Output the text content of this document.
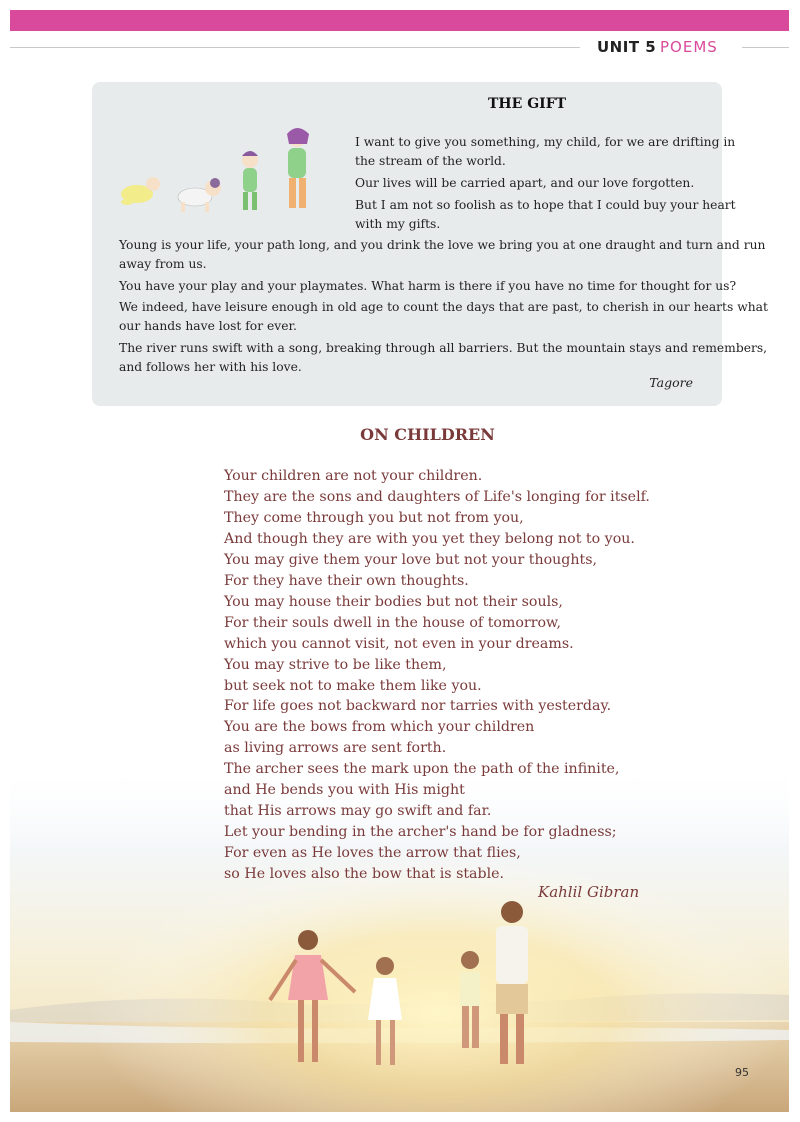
UNIT 5 POEMS
THE GIFT
I want to give you something, my child, for we are drifting in
the stream of the world.
Our lives will be carried apart, and our love forgotten.
But I am not so foolish as to hope that I could buy your heart
with my gifts.
Young is your life, your path long, and you drink the love we bring you at one draught and turn and run
away from us.
You have your play and your playmates. What harm is there if you have no time for thought for us?
We indeed, have leisure enough in old age to count the days that are past, to cherish in our hearts what
our hands have lost for ever.
The river runs swift with a song, breaking through all barriers. But the mountain stays and remembers,
and follows her with his love.
Tagore
ON CHILDREN
Your children are not your children.
They are the sons and daughters of Life's longing for itself.
They come through you but not from you,
And though they are with you yet they belong not to you.
You may give them your love but not your thoughts,
For they have their own thoughts.
You may house their bodies but not their souls,
For their souls dwell in the house of tomorrow,
which you cannot visit, not even in your dreams.
You may strive to be like them,
but seek not to make them like you.
For life goes not backward nor tarries with yesterday.
You are the bows from which your children
as living arrows are sent forth.
The archer sees the mark upon the path of the infinite,
and He bends you with His might
that His arrows may go swift and far.
Let your bending in the archer's hand be for gladness;
For even as He loves the arrow that flies,
so He loves also the bow that is stable.
Kahlil Gibran
95
